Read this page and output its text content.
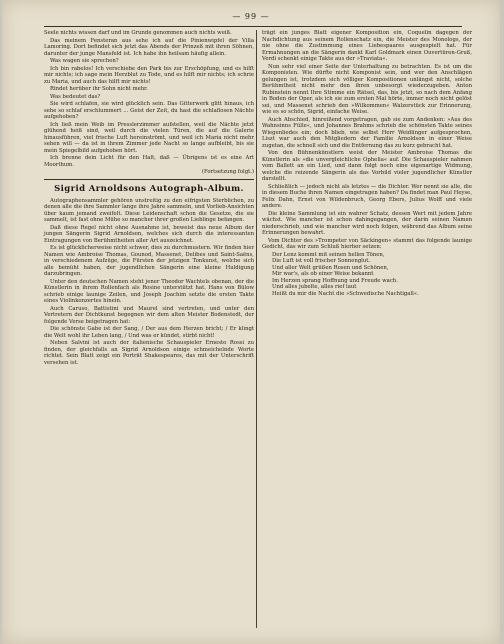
— 99 —

Seele nichts wissen darf und im Grunde genommen auch nichts weiß.

Das meinem Fensteran aus sehe ich auf die Pinienwipfel der Villa Lamoring. Dort befindet sich jetzt das Abends der Prinzeß mit ihren Söhnen, darunter der junge Mansfeld ist. Ich habe ihn heilsam häufig allein.

Was wagen sie sprechen?

Ich bin rabelos! Ich verschiebe den Park bis zur Erschöpfung, und es hilft mir nichts; ich sage mein Herzblut zu Tode, und es hilft mir nichts; ich schrie zu Maria, und auch das hilft mir nichts!

Rindet herüber ihr Sohn nicht mehr.

Was bedeutet das?

Sie wird schlafen, sie wird glücklich sein. Das Gitterwerk glitt hinaus, ich sehe so schlaf erschlummert ... Geist der Zeit, du hast die schlaflosen Nächte aufgehoben?

Ich ließ mein Weib im Presslerzimmer aufstellen, weil die Nächte jetzt glühend heiß sind, weil durch die vielen Türen, die auf die Galerie hinausführen, viel frische Luft hereinströmt, und weil ich Maria nicht mehr sehen will — da ist in ihrem Zimmer jede Nacht so lange aufbleibt, bis sie mein Spiegelbild aufgehoben hört.

Ich brenne dein Licht für den Halt, daß — Übrigens ist es eine Art Moorthum.

(Fortsetzung folgt.)

Sigrid Arnoldsons Autograph-Album.

Autographensammler gehören unstreitig zu den eifrigsten Sterblichen, zu denen alle die ihre Sammler lange ihre Jahre sammeln, und Vorlieb-Ansichten über kaum jemand zweifelt. Diese Leidenschaft schon die Gesetze, die sie sammelt, ist fast ohne Mühe so mancher ihrer großen Lieblinge befangen.

Daß diese Regel nicht ohne Ausnahme ist, beweist das neue Album der jungen Sängerin Sigrid Arnoldson, welches sich durch die interessanten Eintragungen von Berühmtheiten aller Art auszeichnet.

Es ist glücklicherweise nicht schwer, dies zu durchmustern. Wir finden hier Namen wie Ambroise Thomas, Gounod, Massenet, Delibes und Saint-Saëns, in verschiedenem Aufzüge, die Fürsten der jetzigen Tonkunst, welche sich alle bemüht haben, der jugendlichen Sängerin eine kleine Huldigung darzubringen.

Unter den deutschen Namen steht jener Theodor Wachtels obenan, der die Künstlerin in ihrem Rollenfach als Rosine unterstützt hat. Hans von Bülow schrieb einige launige Zeilen, und Joseph Joachim setzte die ersten Takte eines Violinkonzertes hinein.

Auch Caruso, Battistini und Maurel sind vertreten, und unter den Vertretern der Dichtkunst begegnen wir dem alten Meister Bodenstedt, der folgende Verse beigetragen hat:

Die schönste Gabe ist der Sang, / Der aus dem Herzen bricht; / Er klingt die Welt wohl ihr Leben lang, / Und was er kündet, stirbt nicht!

Neben Salvini ist auch der italienische Schauspieler Ernesto Rossi zu finden, der gleichfalls an Sigrid Arnoldson einige schmeichelnde Worte richtet. Sein Blatt zeigt ein Porträt Shakespeares, das mit der Unterschrift versehen ist.

trägt ein junges Blatt eigener Komposition ein, Coquelin dagegen der Nachdichtung aus seinem Rollenschatz ein, die Meister des Monologs, der nie ohne die Zustimmung eines Liebespaares ausgespielt hat. Für Ermahnungen an die Sängerin dankt Karl Goldmark einen Ouvertüren-Gruß, Verdi schenkt einige Takte aus der »Traviata«.

Nun sehr viel einer Seite der Unterhaltung zu betrachten. Es ist um die Komponisten. Wie dürfte nicht Komponist sein, und wer den Anschlägen gelungen ist, trotzdem sich völliger Kompositionen unlängst nicht, solche Berühmtheit nicht mehr den ihren unbesorgt wiederzugeben. Anton Rubinstein nennt Ihre Stimme ein Rätsel, das, bis jetzt, so nach dem Anfang in Boden der Oper, als ich sie zum ersten Mal hörte, immer noch nicht gelöst sei, und Massenet schrieb den »Wilkommen« Walzerstück zur Erinnerung, wie es so schön, Sigrid, einfache Weise.

Auch Abschied, hinreißend vorgetragen, gab sie zum Andenken: »Aus des Wahnsinns Fülle«, und Johannes Brahms schrieb die schönsten Takte seines Wiegenliedes ein; doch blieb, wie selbst Herr Weidlinger aufgesprochen, Liszt war auch den Mitgliedern der Familie Arnoldson in einer Weise zugetan, die schnell sich und die Entfernung das zu kurz gebracht hat.

Von den Bühnenkünstlern weist der Meister Ambroise Thomas die Künstlerin als »die unvergleichliche Ophelia« auf. Die Schauspieler nahmen vom Ballett an ein Lied, und dann folgt noch eine eigenartige Widmung, welche die reizende Sängerin als das Vorbild vieler jugendlicher Künstler darstellt.

Schließlich — jedoch nicht als letztes — die Dichter. Wer nennt sie alle, die in diesem Buche ihren Namen eingetragen haben? Da findet man Paul Heyse, Felix Dahn, Ernst von Wildenbruch, Georg Ebers, Julius Wolff und viele andere.

Die kleine Sammlung ist ein wahrer Schatz, dessen Wert mit jedem Jahre wächst. Wie mancher ist schon dahingegangen, der darin seinen Namen niederschrieb, und wie mancher wird noch folgen, während das Album seine Erinnerungen bewahrt.

Vom Dichter des »Trompeter von Säckingen« stammt das folgende launige Gedicht, das wir zum Schluß hierher setzen:

Der Lenz kommt mit seinen hellen Tönen,
Die Luft ist voll frischer Sonnenglut.
Und aller Welt grüßen Rosen und Schönen,
Mir war's, als ob einer Weise bekannt
Im Herzen sprang Hoffnung und Freude wach.
Und alles jubelte, alles rief laut
Heißt du mir die Nacht die »Schwedische Nachtigall«.
